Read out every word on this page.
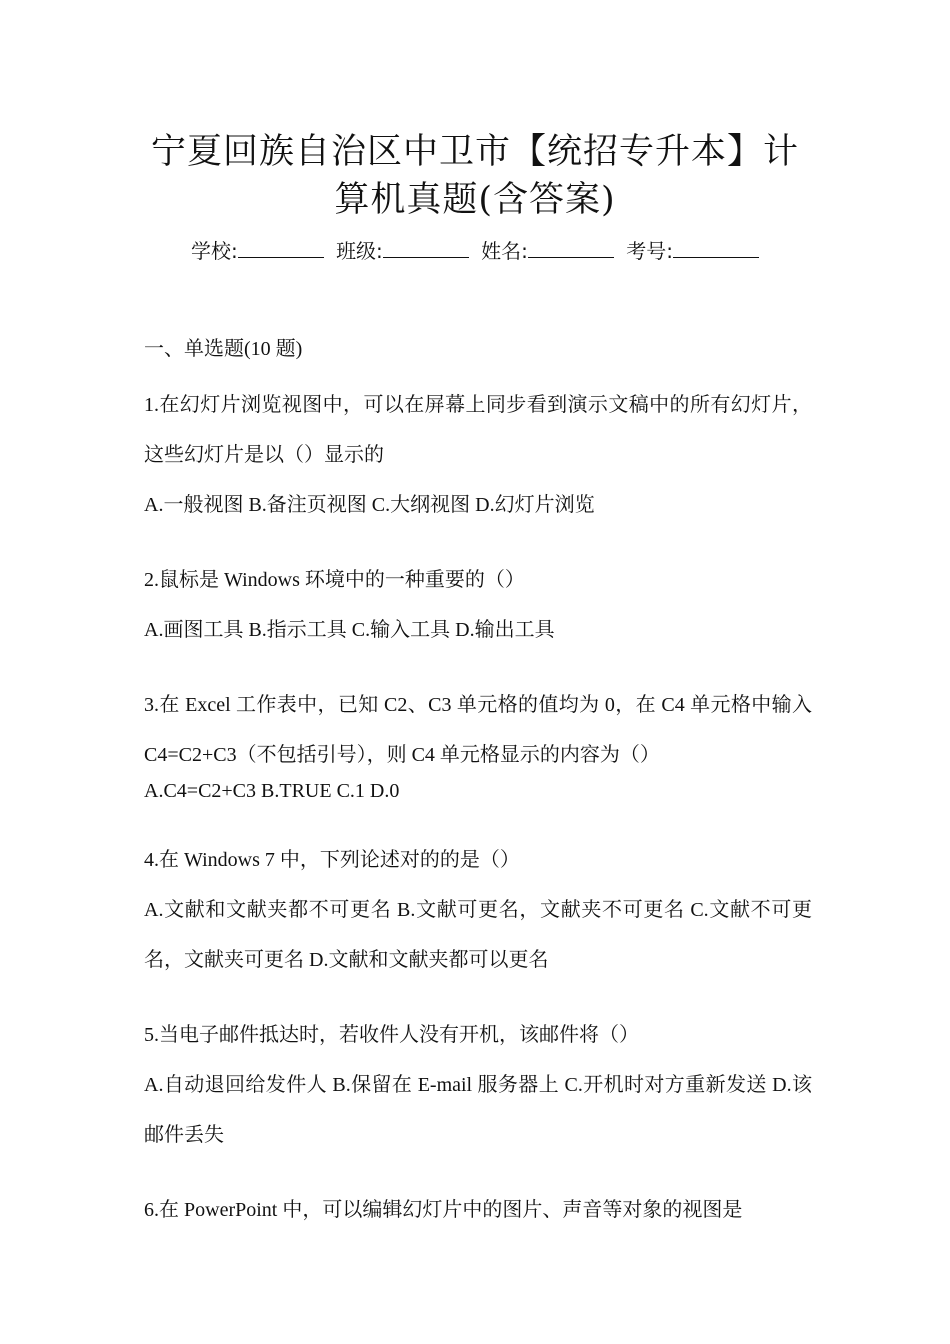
宁夏回族自治区中卫市【统招专升本】计
算机真题(含答案)
学校:	班级:	姓名:	考号:
一、单选题(10 题)

1.在幻灯片浏览视图中，可以在屏幕上同步看到演示文稿中的所有幻灯片，这些幻灯片是以（）显示的

A.一般视图 B.备注页视图 C.大纲视图 D.幻灯片浏览

2.鼠标是 Windows 环境中的一种重要的（）

A.画图工具 B.指示工具 C.输入工具 D.输出工具

3.在 Excel 工作表中，已知 C2、C3 单元格的值均为 0，在 C4 单元格中输入 C4=C2+C3（不包括引号），则 C4 单元格显示的内容为（）

A.C4=C2+C3 B.TRUE C.1 D.0

4.在 Windows 7 中，下列论述对的的是（）

A.文献和文献夹都不可更名 B.文献可更名，文献夹不可更名 C.文献不可更名，文献夹可更名 D.文献和文献夹都可以更名

5.当电子邮件抵达时，若收件人没有开机，该邮件将（）

A.自动退回给发件人 B.保留在 E-mail 服务器上 C.开机时对方重新发送 D.该邮件丢失

6.在 PowerPoint 中，可以编辑幻灯片中的图片、声音等对象的视图是
